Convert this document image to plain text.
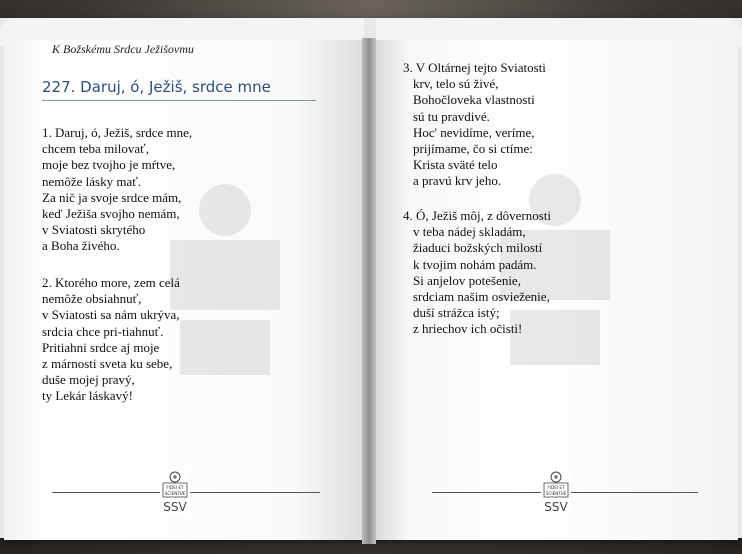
K Božskému Srdcu Ježišovmu
227. Daruj, ó, Ježiš, srdce mne
1. Daruj, ó, Ježiš, srdce mne,
chcem teba milovať,
moje bez tvojho je mŕtve,
nemôže lásky mať.
Za nič ja svoje srdce mám,
keď Ježiša svojho nemám,
v Sviatosti skrytého
a Boha živého.
2. Ktorého more, zem celá
nemôže obsiahnuť,
v Sviatosti sa nám ukrýva,
srdcia chce pri-tiahnuť.
Pritiahni srdce aj moje
z márnosti sveta ku sebe,
duše mojej pravý,
ty Lekár láskavý!
3. V Oltárnej tejto Sviatosti
krv, telo sú živé,
Bohočloveka vlastnosti
sú tu pravdivé.
Hoc' nevidíme, veríme,
prijímame, čo si ctíme:
Krista sväté telo
a pravú krv jeho.
4. Ó, Ježiš môj, z dôvernosti
v teba nádej skladám,
žiaduci božských milostí
k tvojim nohám padám.
Si anjelov potešenie,
srdciam našim osvieženie,
duší strážca istý;
z hriechov ich očisti!
FIDEI ET
SCIENTIÆ
SSV
FIDEI ET
SCIENTIÆ
SSV
